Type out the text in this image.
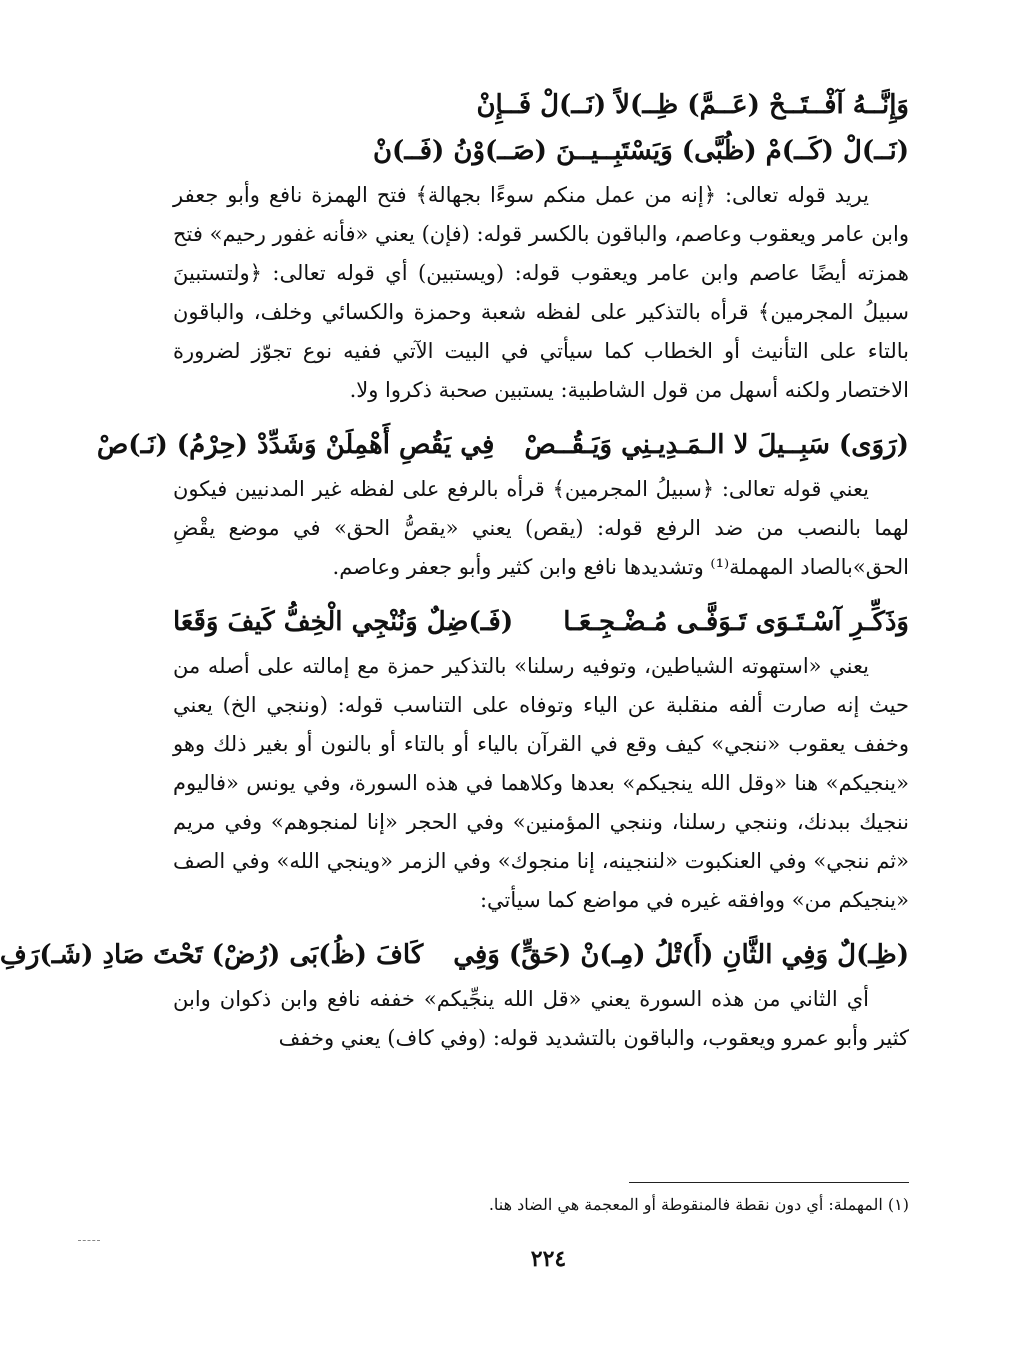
وَإِنَّــهُ آفْــتَــحْ (عَــمَّ) ظِــ)لاً (نَــ)لْ فَــإِنْ
(نَــ)لْ (كَــ)مْ (ظُبَّى) وَيَسْتَبِــيــنَ (صَــ)وْنُ (فَــ)نْ

يريد قوله تعالى: ﴿إنه من عمل منكم سوءًا بجهالة﴾ فتح الهمزة نافع وأبو جعفر وابن عامر ويعقوب وعاصم، والباقون بالكسر قوله: (فإن) يعني «فأنه غفور رحيم» فتح همزته أيضًا عاصم وابن عامر ويعقوب قوله: (ويستبين) أي قوله تعالى: ﴿ولتستبينَ سبيلُ المجرمين﴾ قرأه بالتذكير على لفظه شعبة وحمزة والكسائي وخلف، والباقون بالتاء على التأنيث أو الخطاب كما سيأتي في البيت الآتي ففيه نوع تجوّز لضرورة الاختصار ولكنه أسهل من قول الشاطبية: يستبين صحبة ذكروا ولا.

(رَوَى) سَبِــيلَ لا الـمَـدِيـنِي وَيَـقُــصْ
فِي يَقُصِ أَهْمِلَنْ وَشَدِّدْ (حِرْمُ) (نَـ)صْ

يعني قوله تعالى: ﴿سبيلُ المجرمين﴾ قرأه بالرفع على لفظه غير المدنيين فيكون لهما بالنصب من ضد الرفع قوله: (يقص) يعني «يقصُّ الحق» في موضع يقْضِ الحق»بالصاد المهملة⁽¹⁾ وتشديدها نافع وابن كثير وأبو جعفر وعاصم.

وَذَكِّـرِ آسْـتَـوَى تَـوَفَّـى مُـضْـجِـعَـا
(فَـ)ضِلٌ وَنُنْجِي الْخِفُّ كَيفَ وَقَعَا

يعني «استهوته الشياطين، وتوفيه رسلنا» بالتذكير حمزة مع إمالته على أصله من حيث إنه صارت ألفه منقلبة عن الياء وتوفاه على التناسب قوله: (وننجي الخ) يعني وخفف يعقوب «ننجي» كيف وقع في القرآن بالياء أو بالتاء أو بالنون أو بغير ذلك وهو «ينجيكم» هنا «وقل الله ينجيكم» بعدها وكلاهما في هذه السورة، وفي يونس «فاليوم ننجيك ببدنك، وننجي رسلنا، وننجي المؤمنين» وفي الحجر «إنا لمنجوهم» وفي مريم «ثم ننجي» وفي العنكبوت «لننجينه، إنا منجوك» وفي الزمر «وينجي الله» وفي الصف «ينجيكم من» ووافقه غيره في مواضع كما سيأتي:

(ظِـ)لٌ وَفِي الثَّانِ (أَ)تْلُ (مِـ)نْ (حَقٍّ) وَفِي
كَافَ (ظُ)بَى (رُضْ) تَحْتَ صَادِ (شَـ)رَفِ

أي الثاني من هذه السورة يعني «قل الله ينجِّيكم» خففه نافع وابن ذكوان وابن كثير وأبو عمرو ويعقوب، والباقون بالتشديد قوله: (وفي كاف) يعني وخفف

(١) المهملة: أي دون نقطة فالمنقوطة أو المعجمة هي الضاد هنا.
٢٢٤
